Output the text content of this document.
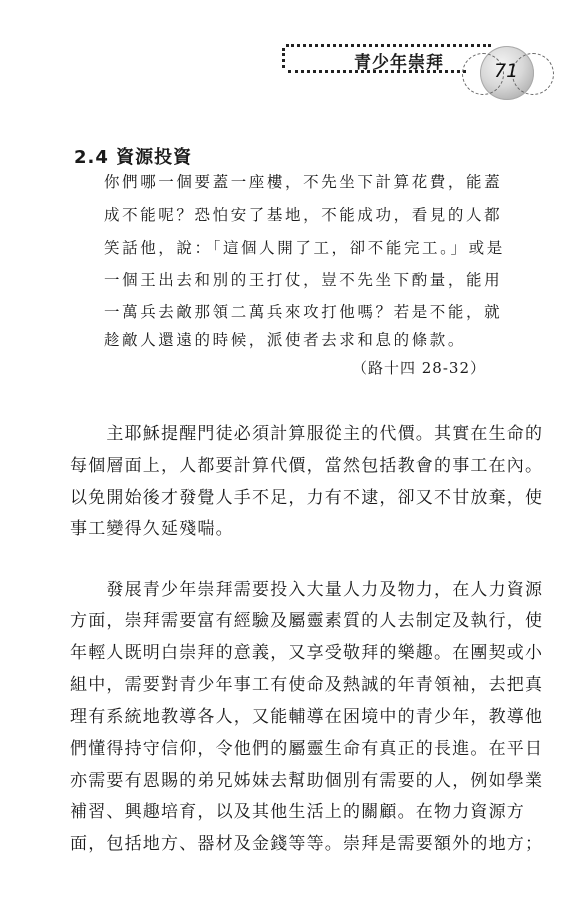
青少年崇拜	71
2.4 資源投資
你們哪一個要蓋一座樓，不先坐下計算花費，能蓋
成不能呢？恐怕安了基地，不能成功，看見的人都
笑話他，說：「這個人開了工，卻不能完工。」或是
一個王出去和別的王打仗，豈不先坐下酌量，能用
一萬兵去敵那領二萬兵來攻打他嗎？若是不能，就
趁敵人還遠的時候，派使者去求和息的條款。
（路十四 28-32）
　　主耶穌提醒門徒必須計算服從主的代價。其實在生命的
每個層面上，人都要計算代價，當然包括教會的事工在內。
以免開始後才發覺人手不足，力有不逮，卻又不甘放棄，使
事工變得久延殘喘。
　　發展青少年崇拜需要投入大量人力及物力，在人力資源
方面，崇拜需要富有經驗及屬靈素質的人去制定及執行，使
年輕人既明白崇拜的意義，又享受敬拜的樂趣。在團契或小
組中，需要對青少年事工有使命及熱誠的年青領袖，去把真
理有系統地教導各人，又能輔導在困境中的青少年，教導他
們懂得持守信仰，令他們的屬靈生命有真正的長進。在平日
亦需要有恩賜的弟兄姊妹去幫助個別有需要的人，例如學業
補習、興趣培育，以及其他生活上的關顧。在物力資源方
面，包括地方、器材及金錢等等。崇拜是需要額外的地方；
